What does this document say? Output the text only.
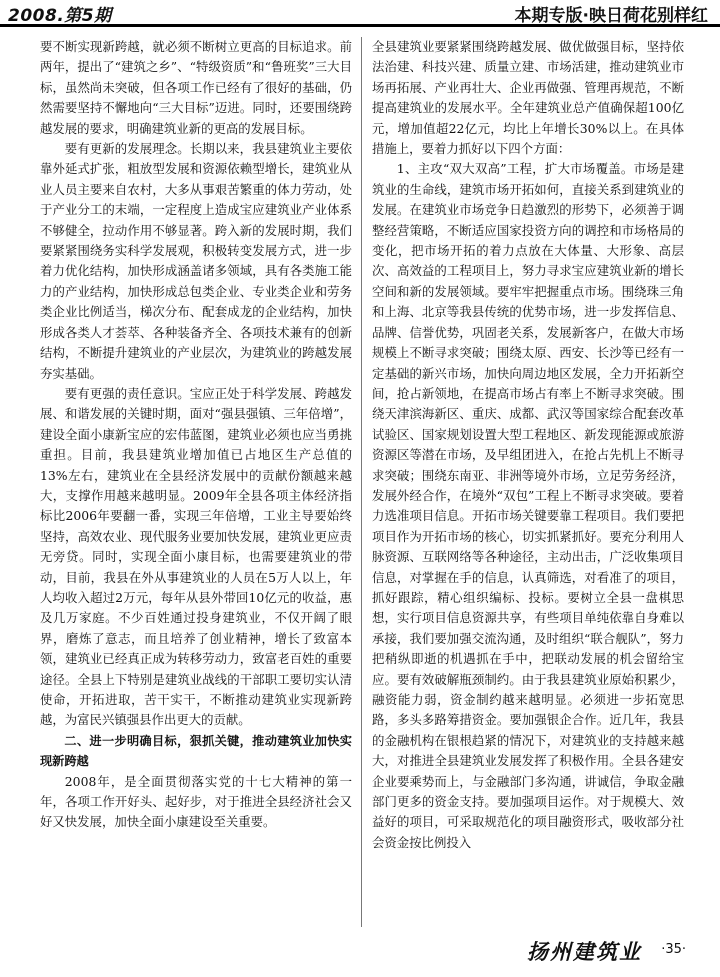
2008.第5期	本期专版·映日荷花别样红

要不断实现新跨越，就必须不断树立更高的目标追求。前两年，提出了“建筑之乡”、“特级资质”和“鲁班奖”三大目标，虽然尚未突破，但各项工作已经有了很好的基础，仍然需要坚持不懈地向“三大目标”迈进。同时，还要围绕跨越发展的要求，明确建筑业新的更高的发展目标。

要有更新的发展理念。长期以来，我县建筑业主要依靠外延式扩张，粗放型发展和资源依赖型增长，建筑业从业人员主要来自农村，大多从事艰苦繁重的体力劳动，处于产业分工的末端，一定程度上造成宝应建筑业产业体系不够健全，拉动作用不够显著。跨入新的发展时期，我们要紧紧围绕务实科学发展观，积极转变发展方式，进一步着力优化结构，加快形成涵盖诸多领域，具有各类施工能力的产业结构，加快形成总包类企业、专业类企业和劳务类企业比例适当，梯次分布、配套成龙的企业结构，加快形成各类人才荟萃、各种装备齐全、各项技术兼有的创新结构，不断提升建筑业的产业层次，为建筑业的跨越发展夯实基础。

要有更强的责任意识。宝应正处于科学发展、跨越发展、和谐发展的关键时期，面对“强县强镇、三年倍增”，建设全面小康新宝应的宏伟蓝图，建筑业必须也应当勇挑重担。目前，我县建筑业增加值已占地区生产总值的13%左右，建筑业在全县经济发展中的贡献份额越来越大，支撑作用越来越明显。2009年全县各项主体经济指标比2006年要翻一番，实现三年倍增，工业主导要始终坚持，高效农业、现代服务业要加快发展，建筑业更应责无旁贷。同时，实现全面小康目标，也需要建筑业的带动，目前，我县在外从事建筑业的人员在5万人以上，年人均收入超过2万元，每年从县外带回10亿元的收益，惠及几万家庭。不少百姓通过投身建筑业，不仅开阔了眼界，磨炼了意志，而且培养了创业精神，增长了致富本领，建筑业已经真正成为转移劳动力，致富老百姓的重要途径。全县上下特别是建筑业战线的干部职工要切实认清使命，开拓进取，苦干实干，不断推动建筑业实现新跨越，为富民兴镇强县作出更大的贡献。

二、进一步明确目标，狠抓关键，推动建筑业加快实现新跨越

2008年，是全面贯彻落实党的十七大精神的第一年，各项工作开好头、起好步，对于推进全县经济社会又好又快发展，加快全面小康建设至关重要。

全县建筑业要紧紧围绕跨越发展、做优做强目标，坚持依法治建、科技兴建、质量立建、市场活建，推动建筑业市场再拓展、产业再壮大、企业再做强、管理再规范，不断提高建筑业的发展水平。全年建筑业总产值确保超100亿元，增加值超22亿元，均比上年增长30%以上。在具体措施上，要着力抓好以下四个方面：

1、主攻“双大双高”工程，扩大市场覆盖。市场是建筑业的生命线，建筑市场开拓如何，直接关系到建筑业的发展。在建筑业市场竞争日趋激烈的形势下，必须善于调整经营策略，不断适应国家投资方向的调控和市场格局的变化，把市场开拓的着力点放在大体量、大形象、高层次、高效益的工程项目上，努力寻求宝应建筑业新的增长空间和新的发展领域。要牢牢把握重点市场。围绕珠三角和上海、北京等我县传统的优势市场，进一步发挥信息、品牌、信誉优势，巩固老关系，发展新客户，在做大市场规模上不断寻求突破；围绕太原、西安、长沙等已经有一定基础的新兴市场，加快向周边地区发展，全力开拓新空间，抢占新领地，在提高市场占有率上不断寻求突破。围绕天津滨海新区、重庆、成都、武汉等国家综合配套改革试验区、国家规划设置大型工程地区、新发现能源或旅游资源区等潜在市场，及早组团进入，在抢占先机上不断寻求突破；围绕东南亚、非洲等境外市场，立足劳务经济，发展外经合作，在境外“双包”工程上不断寻求突破。要着力选准项目信息。开拓市场关键要靠工程项目。我们要把项目作为开拓市场的核心，切实抓紧抓好。要充分利用人脉资源、互联网络等各种途径，主动出击，广泛收集项目信息，对掌握在手的信息，认真筛选，对看准了的项目，抓好跟踪，精心组织编标、投标。要树立全县一盘棋思想，实行项目信息资源共享，有些项目单纯依靠自身难以承接，我们要加强交流沟通，及时组织“联合舰队”，努力把稍纵即逝的机遇抓在手中，把联动发展的机会留给宝应。要有效破解瓶颈制约。由于我县建筑业原始积累少，融资能力弱，资金制约越来越明显。必须进一步拓宽思路，多头多路筹措资金。要加强银企合作。近几年，我县的金融机构在银根趋紧的情况下，对建筑业的支持越来越大，对推进全县建筑业发展发挥了积极作用。全县各建安企业要乘势而上，与金融部门多沟通，讲诚信，争取金融部门更多的资金支持。要加强项目运作。对于规模大、效益好的项目，可采取规范化的项目融资形式，吸收部分社会资金按比例投入

扬州建筑业 ·35·
